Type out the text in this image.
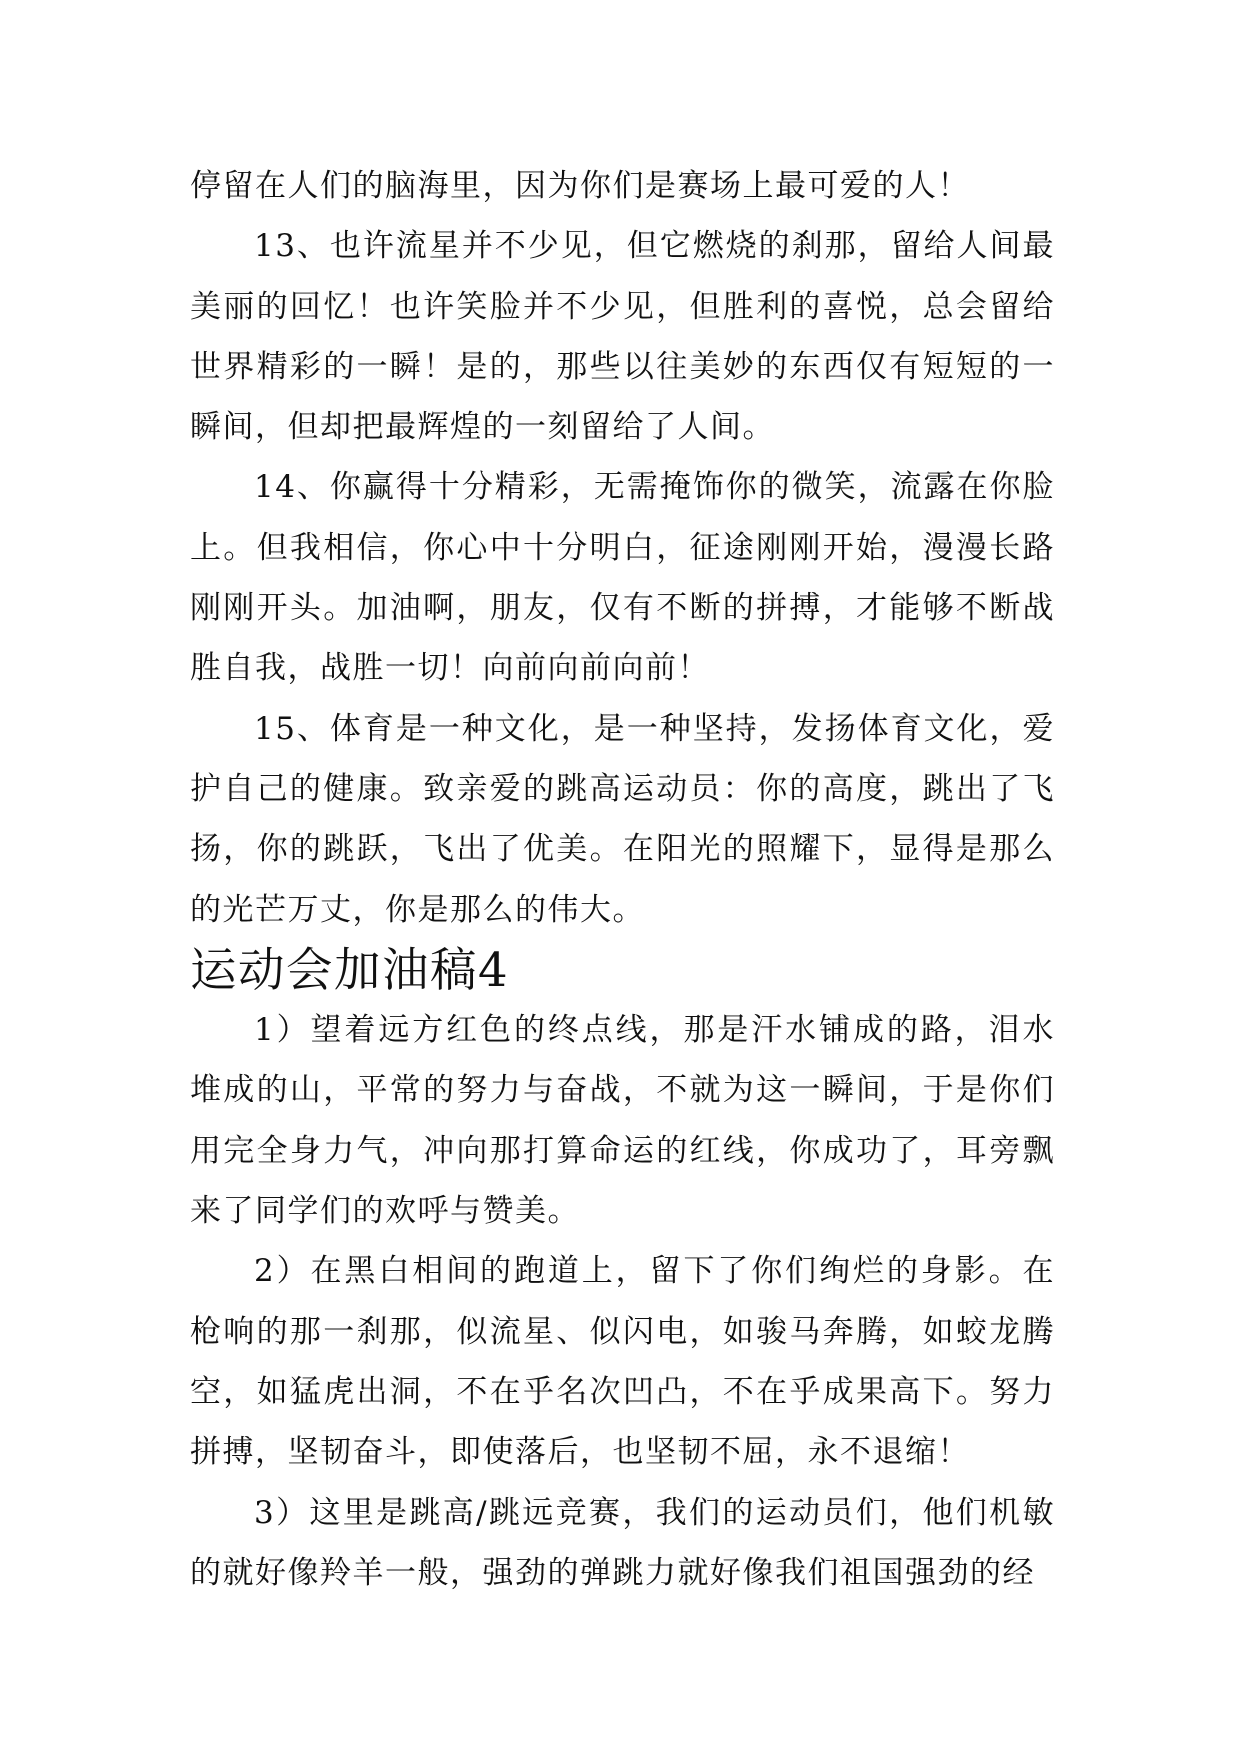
停留在人们的脑海里，因为你们是赛场上最可爱的人！

13、也许流星并不少见，但它燃烧的刹那，留给人间最美丽的回忆！也许笑脸并不少见，但胜利的喜悦，总会留给世界精彩的一瞬！是的，那些以往美妙的东西仅有短短的一瞬间，但却把最辉煌的一刻留给了人间。

14、你赢得十分精彩，无需掩饰你的微笑，流露在你脸上。但我相信，你心中十分明白，征途刚刚开始，漫漫长路刚刚开头。加油啊，朋友，仅有不断的拼搏，才能够不断战胜自我，战胜一切！向前向前向前！

15、体育是一种文化，是一种坚持，发扬体育文化，爱护自己的健康。致亲爱的跳高运动员：你的高度，跳出了飞扬，你的跳跃，飞出了优美。在阳光的照耀下，显得是那么的光芒万丈，你是那么的伟大。

运动会加油稿4

1）望着远方红色的终点线，那是汗水铺成的路，泪水堆成的山，平常的努力与奋战，不就为这一瞬间，于是你们用完全身力气，冲向那打算命运的红线，你成功了，耳旁飘来了同学们的欢呼与赞美。

2）在黑白相间的跑道上，留下了你们绚烂的身影。在枪响的那一刹那，似流星、似闪电，如骏马奔腾，如蛟龙腾空，如猛虎出洞，不在乎名次凹凸，不在乎成果高下。努力拼搏，坚韧奋斗，即使落后，也坚韧不屈，永不退缩！

3）这里是跳高/跳远竞赛，我们的运动员们，他们机敏的就好像羚羊一般，强劲的弹跳力就好像我们祖国强劲的经
